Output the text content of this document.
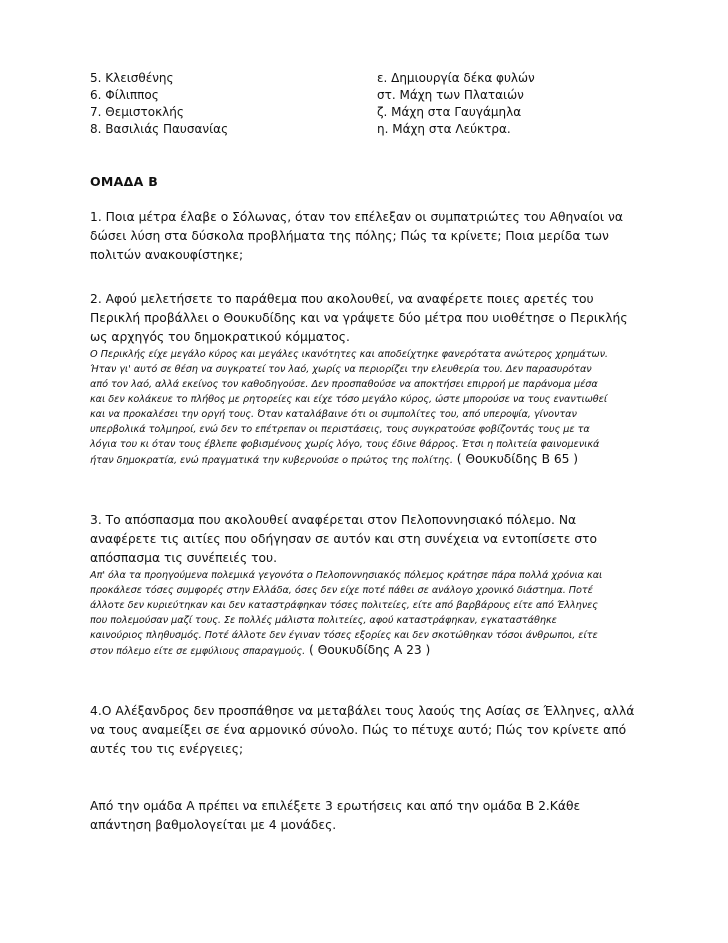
5. Κλεισθένης	ε. Δημιουργία δέκα φυλών
6. Φίλιππος	στ. Μάχη των Πλαταιών
7. Θεμιστοκλής	ζ. Μάχη στα Γαυγάμηλα
8. Βασιλιάς Παυσανίας	η. Μάχη στα Λεύκτρα.
ΟΜΑΔΑ Β
1. Ποια μέτρα έλαβε ο Σόλωνας, όταν τον επέλεξαν οι συμπατριώτες του Αθηναίοι να
δώσει λύση στα δύσκολα προβλήματα της πόλης; Πώς τα κρίνετε; Ποια μερίδα των
πολιτών ανακουφίστηκε;
2. Αφού μελετήσετε το παράθεμα που ακολουθεί, να αναφέρετε ποιες αρετές του
Περικλή προβάλλει ο Θουκυδίδης και να γράψετε δύο μέτρα που υιοθέτησε ο Περικλής
ως αρχηγός του δημοκρατικού κόμματος.
Ο Περικλής είχε μεγάλο κύρος και μεγάλες ικανότητες και αποδείχτηκε φανερότατα ανώτερος χρημάτων.
Ήταν γι' αυτό σε θέση να συγκρατεί τον λαό, χωρίς να περιορίζει την ελευθερία του. Δεν παρασυρόταν
από τον λαό, αλλά εκείνος τον καθοδηγούσε. Δεν προσπαθούσε να αποκτήσει επιρροή με παράνομα μέσα
και δεν κολάκευε το πλήθος με ρητορείες και είχε τόσο μεγάλο κύρος, ώστε μπορούσε να τους εναντιωθεί
και να προκαλέσει την οργή τους. Όταν καταλάβαινε ότι οι συμπολίτες του, από υπεροψία, γίνονταν
υπερβολικά τολμηροί, ενώ δεν το επέτρεπαν οι περιστάσεις, τους συγκρατούσε φοβίζοντάς τους με τα
λόγια του κι όταν τους έβλεπε φοβισμένους χωρίς λόγο, τους έδινε θάρρος. Έτσι η πολιτεία φαινομενικά
ήταν δημοκρατία, ενώ πραγματικά την κυβερνούσε ο πρώτος της πολίτης. ( Θουκυδίδης Β 65 )
3. Το απόσπασμα που ακολουθεί αναφέρεται στον Πελοποννησιακό πόλεμο. Να
αναφέρετε τις αιτίες που οδήγησαν σε αυτόν και στη συνέχεια να εντοπίσετε στο
απόσπασμα τις συνέπειές του.
Απ' όλα τα προηγούμενα πολεμικά γεγονότα ο Πελοποννησιακός πόλεμος κράτησε πάρα πολλά χρόνια και
προκάλεσε τόσες συμφορές στην Ελλάδα, όσες δεν είχε ποτέ πάθει σε ανάλογο χρονικό διάστημα. Ποτέ
άλλοτε δεν κυριεύτηκαν και δεν καταστράφηκαν τόσες πολιτείες, είτε από βαρβάρους είτε από Έλληνες
που πολεμούσαν μαζί τους. Σε πολλές μάλιστα πολιτείες, αφού καταστράφηκαν, εγκαταστάθηκε
καινούριος πληθυσμός. Ποτέ άλλοτε δεν έγιναν τόσες εξορίες και δεν σκοτώθηκαν τόσοι άνθρωποι, είτε
στον πόλεμο είτε σε εμφύλιους σπαραγμούς. ( Θουκυδίδης Α 23 )
4.Ο Αλέξανδρος δεν προσπάθησε να μεταβάλει τους λαούς της Ασίας σε Έλληνες, αλλά
να τους αναμείξει σε ένα αρμονικό σύνολο. Πώς το πέτυχε αυτό; Πώς τον κρίνετε από
αυτές του τις ενέργειες;
Από την ομάδα Α πρέπει να επιλέξετε 3 ερωτήσεις και από την ομάδα Β 2.Κάθε
απάντηση βαθμολογείται με 4 μονάδες.
